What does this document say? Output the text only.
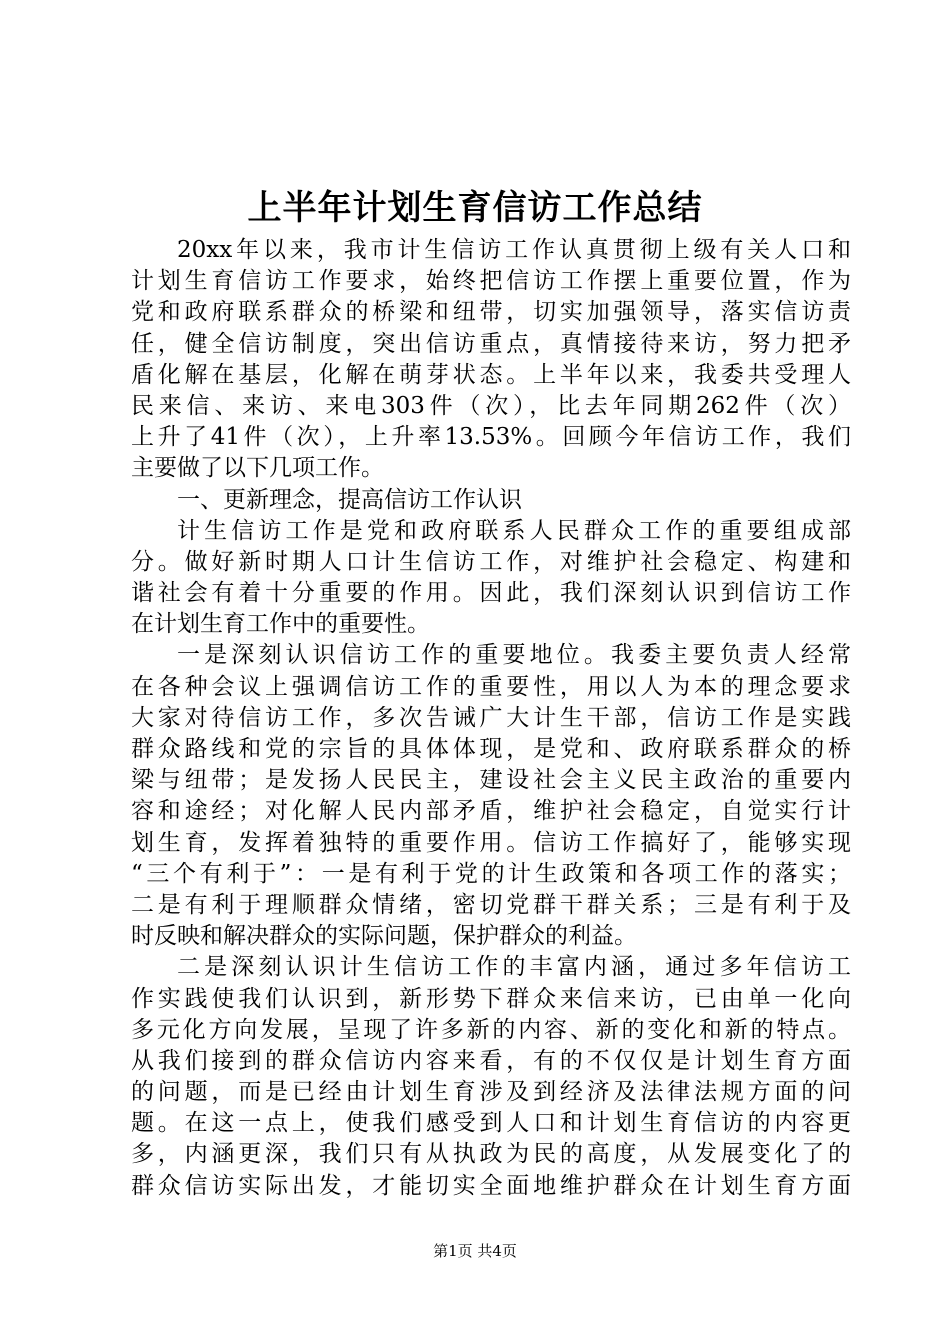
上半年计划生育信访工作总结
20xx年以来，我市计生信访工作认真贯彻上级有关人口和
计划生育信访工作要求，始终把信访工作摆上重要位置，作为
党和政府联系群众的桥梁和纽带，切实加强领导，落实信访责
任，健全信访制度，突出信访重点，真情接待来访，努力把矛
盾化解在基层，化解在萌芽状态。上半年以来，我委共受理人
民来信、来访、来电303件（次），比去年同期262件（次）
上升了41件（次），上升率13.53%。回顾今年信访工作，我们
主要做了以下几项工作。
一、更新理念，提高信访工作认识
计生信访工作是党和政府联系人民群众工作的重要组成部
分。做好新时期人口计生信访工作，对维护社会稳定、构建和
谐社会有着十分重要的作用。因此，我们深刻认识到信访工作
在计划生育工作中的重要性。
一是深刻认识信访工作的重要地位。我委主要负责人经常
在各种会议上强调信访工作的重要性，用以人为本的理念要求
大家对待信访工作，多次告诫广大计生干部，信访工作是实践
群众路线和党的宗旨的具体体现，是党和、政府联系群众的桥
梁与纽带；是发扬人民民主，建设社会主义民主政治的重要内
容和途经；对化解人民内部矛盾，维护社会稳定，自觉实行计
划生育，发挥着独特的重要作用。信访工作搞好了，能够实现
“三个有利于”：一是有利于党的计生政策和各项工作的落实；
二是有利于理顺群众情绪，密切党群干群关系；三是有利于及
时反映和解决群众的实际问题，保护群众的利益。
二是深刻认识计生信访工作的丰富内涵，通过多年信访工
作实践使我们认识到，新形势下群众来信来访，已由单一化向
多元化方向发展，呈现了许多新的内容、新的变化和新的特点。
从我们接到的群众信访内容来看，有的不仅仅是计划生育方面
的问题，而是已经由计划生育涉及到经济及法律法规方面的问
题。在这一点上，使我们感受到人口和计划生育信访的内容更
多，内涵更深，我们只有从执政为民的高度，从发展变化了的
群众信访实际出发，才能切实全面地维护群众在计划生育方面
第1页 共4页
